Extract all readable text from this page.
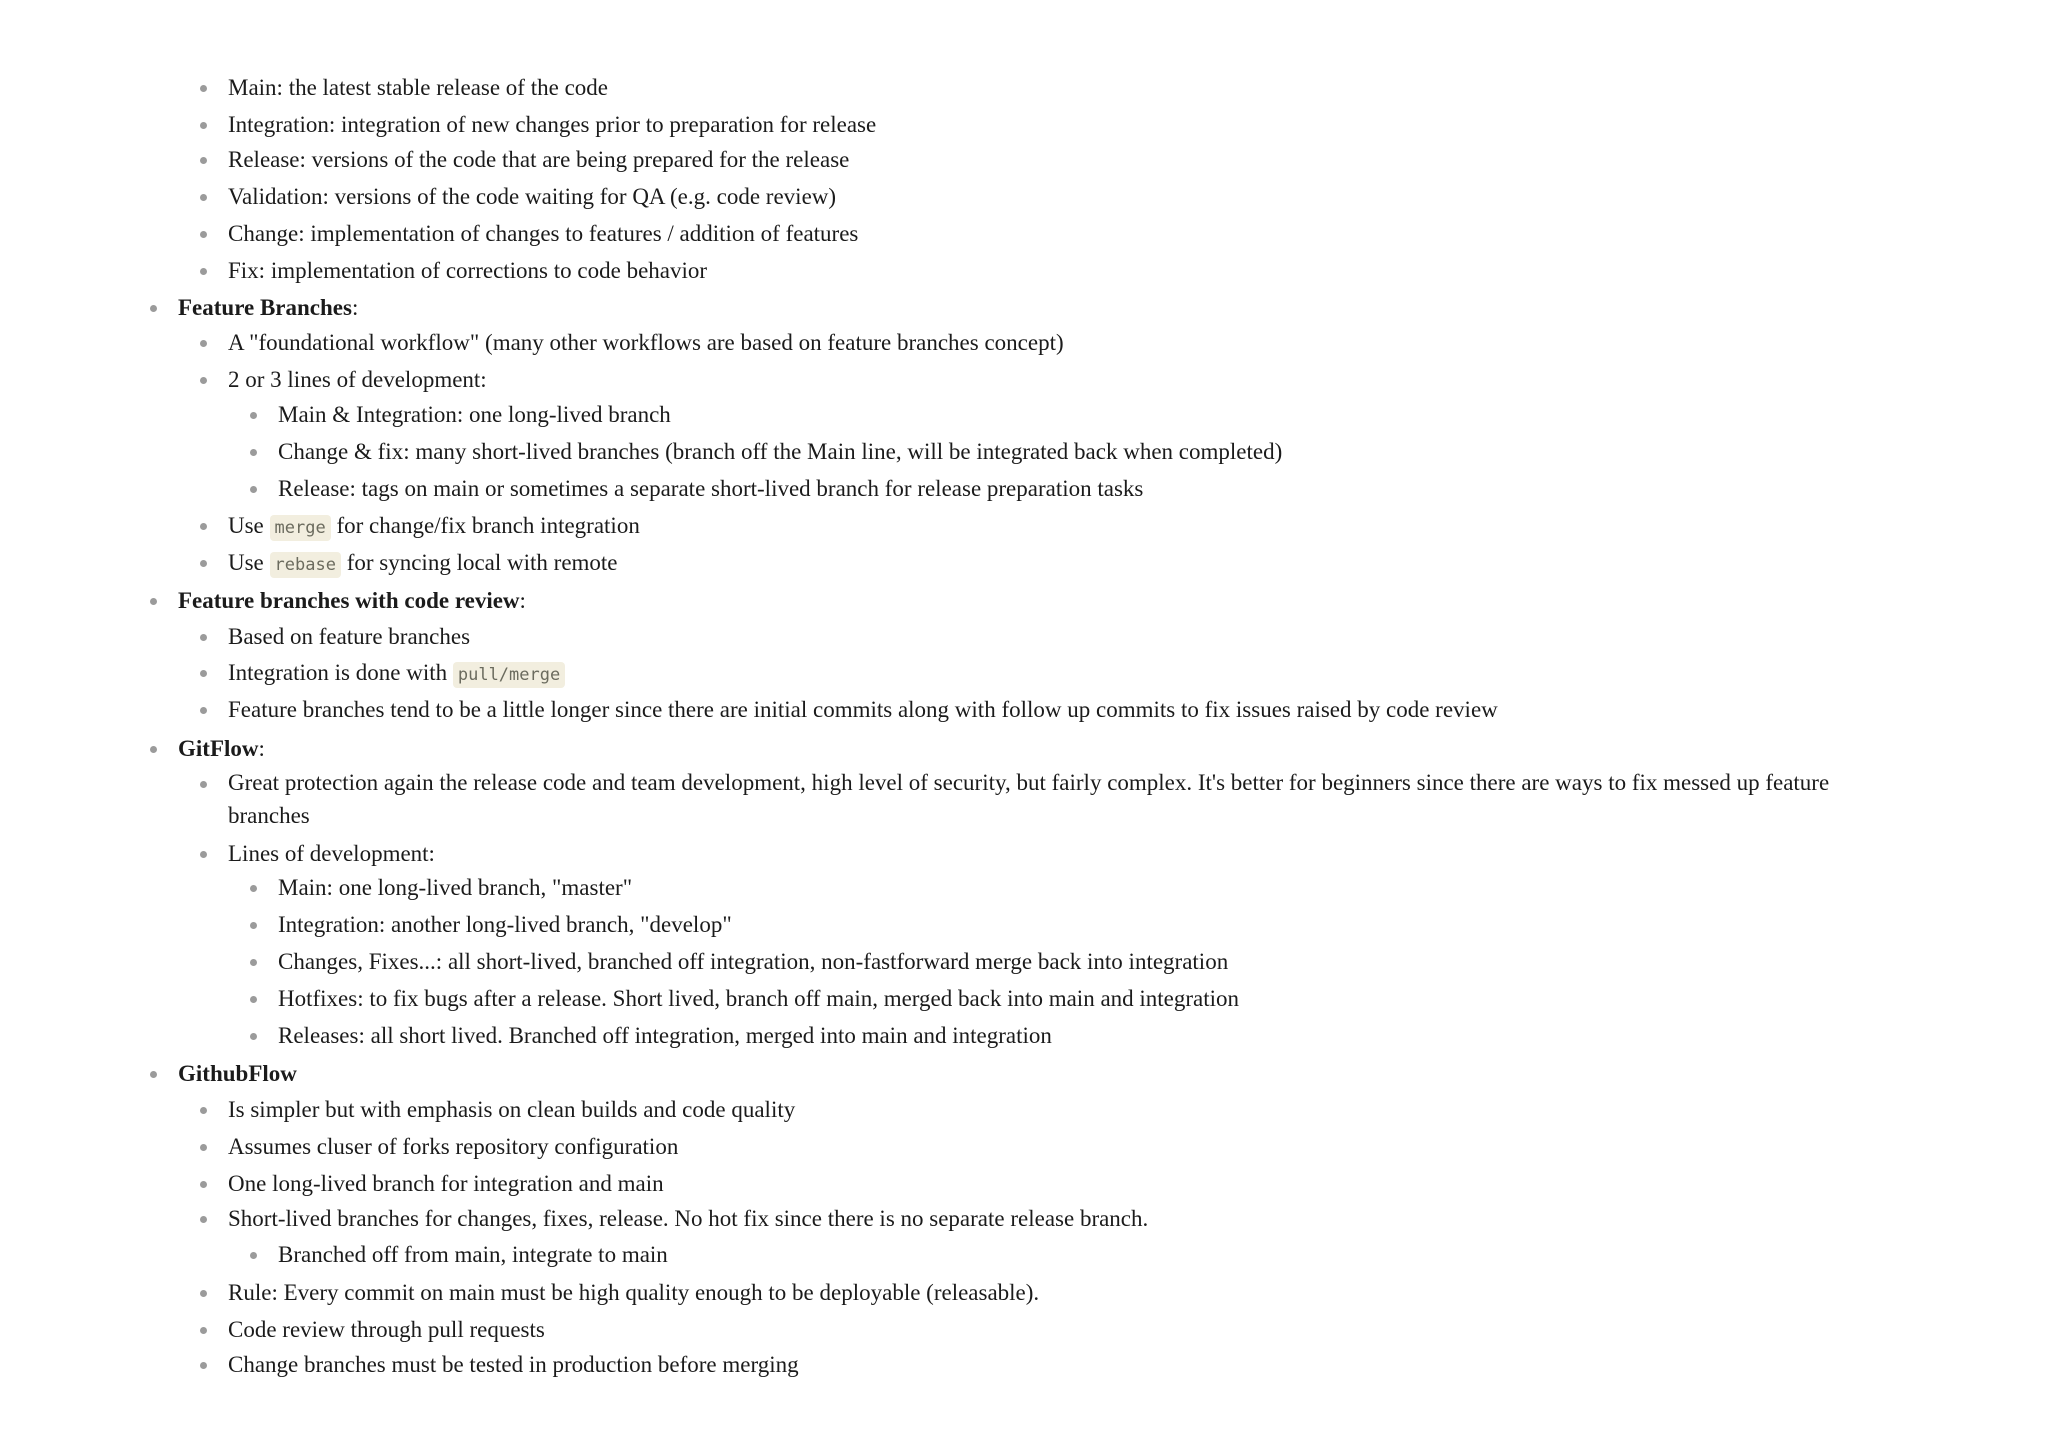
Main: the latest stable release of the code
Integration: integration of new changes prior to preparation for release
Release: versions of the code that are being prepared for the release
Validation: versions of the code waiting for QA (e.g. code review)
Change: implementation of changes to features / addition of features
Fix: implementation of corrections to code behavior
Feature Branches:
A "foundational workflow" (many other workflows are based on feature branches concept)
2 or 3 lines of development:
Main & Integration: one long-lived branch
Change & fix: many short-lived branches (branch off the Main line, will be integrated back when completed)
Release: tags on main or sometimes a separate short-lived branch for release preparation tasks
Use merge for change/fix branch integration
Use rebase for syncing local with remote
Feature branches with code review:
Based on feature branches
Integration is done with pull/merge
Feature branches tend to be a little longer since there are initial commits along with follow up commits to fix issues raised by code review
GitFlow:
Great protection again the release code and team development, high level of security, but fairly complex. It's better for beginners since there are ways to fix messed up feature branches
Lines of development:
Main: one long-lived branch, "master"
Integration: another long-lived branch, "develop"
Changes, Fixes...: all short-lived, branched off integration, non-fastforward merge back into integration
Hotfixes: to fix bugs after a release. Short lived, branch off main, merged back into main and integration
Releases: all short lived. Branched off integration, merged into main and integration
GithubFlow
Is simpler but with emphasis on clean builds and code quality
Assumes cluser of forks repository configuration
One long-lived branch for integration and main
Short-lived branches for changes, fixes, release. No hot fix since there is no separate release branch.
Branched off from main, integrate to main
Rule: Every commit on main must be high quality enough to be deployable (releasable).
Code review through pull requests
Change branches must be tested in production before merging
